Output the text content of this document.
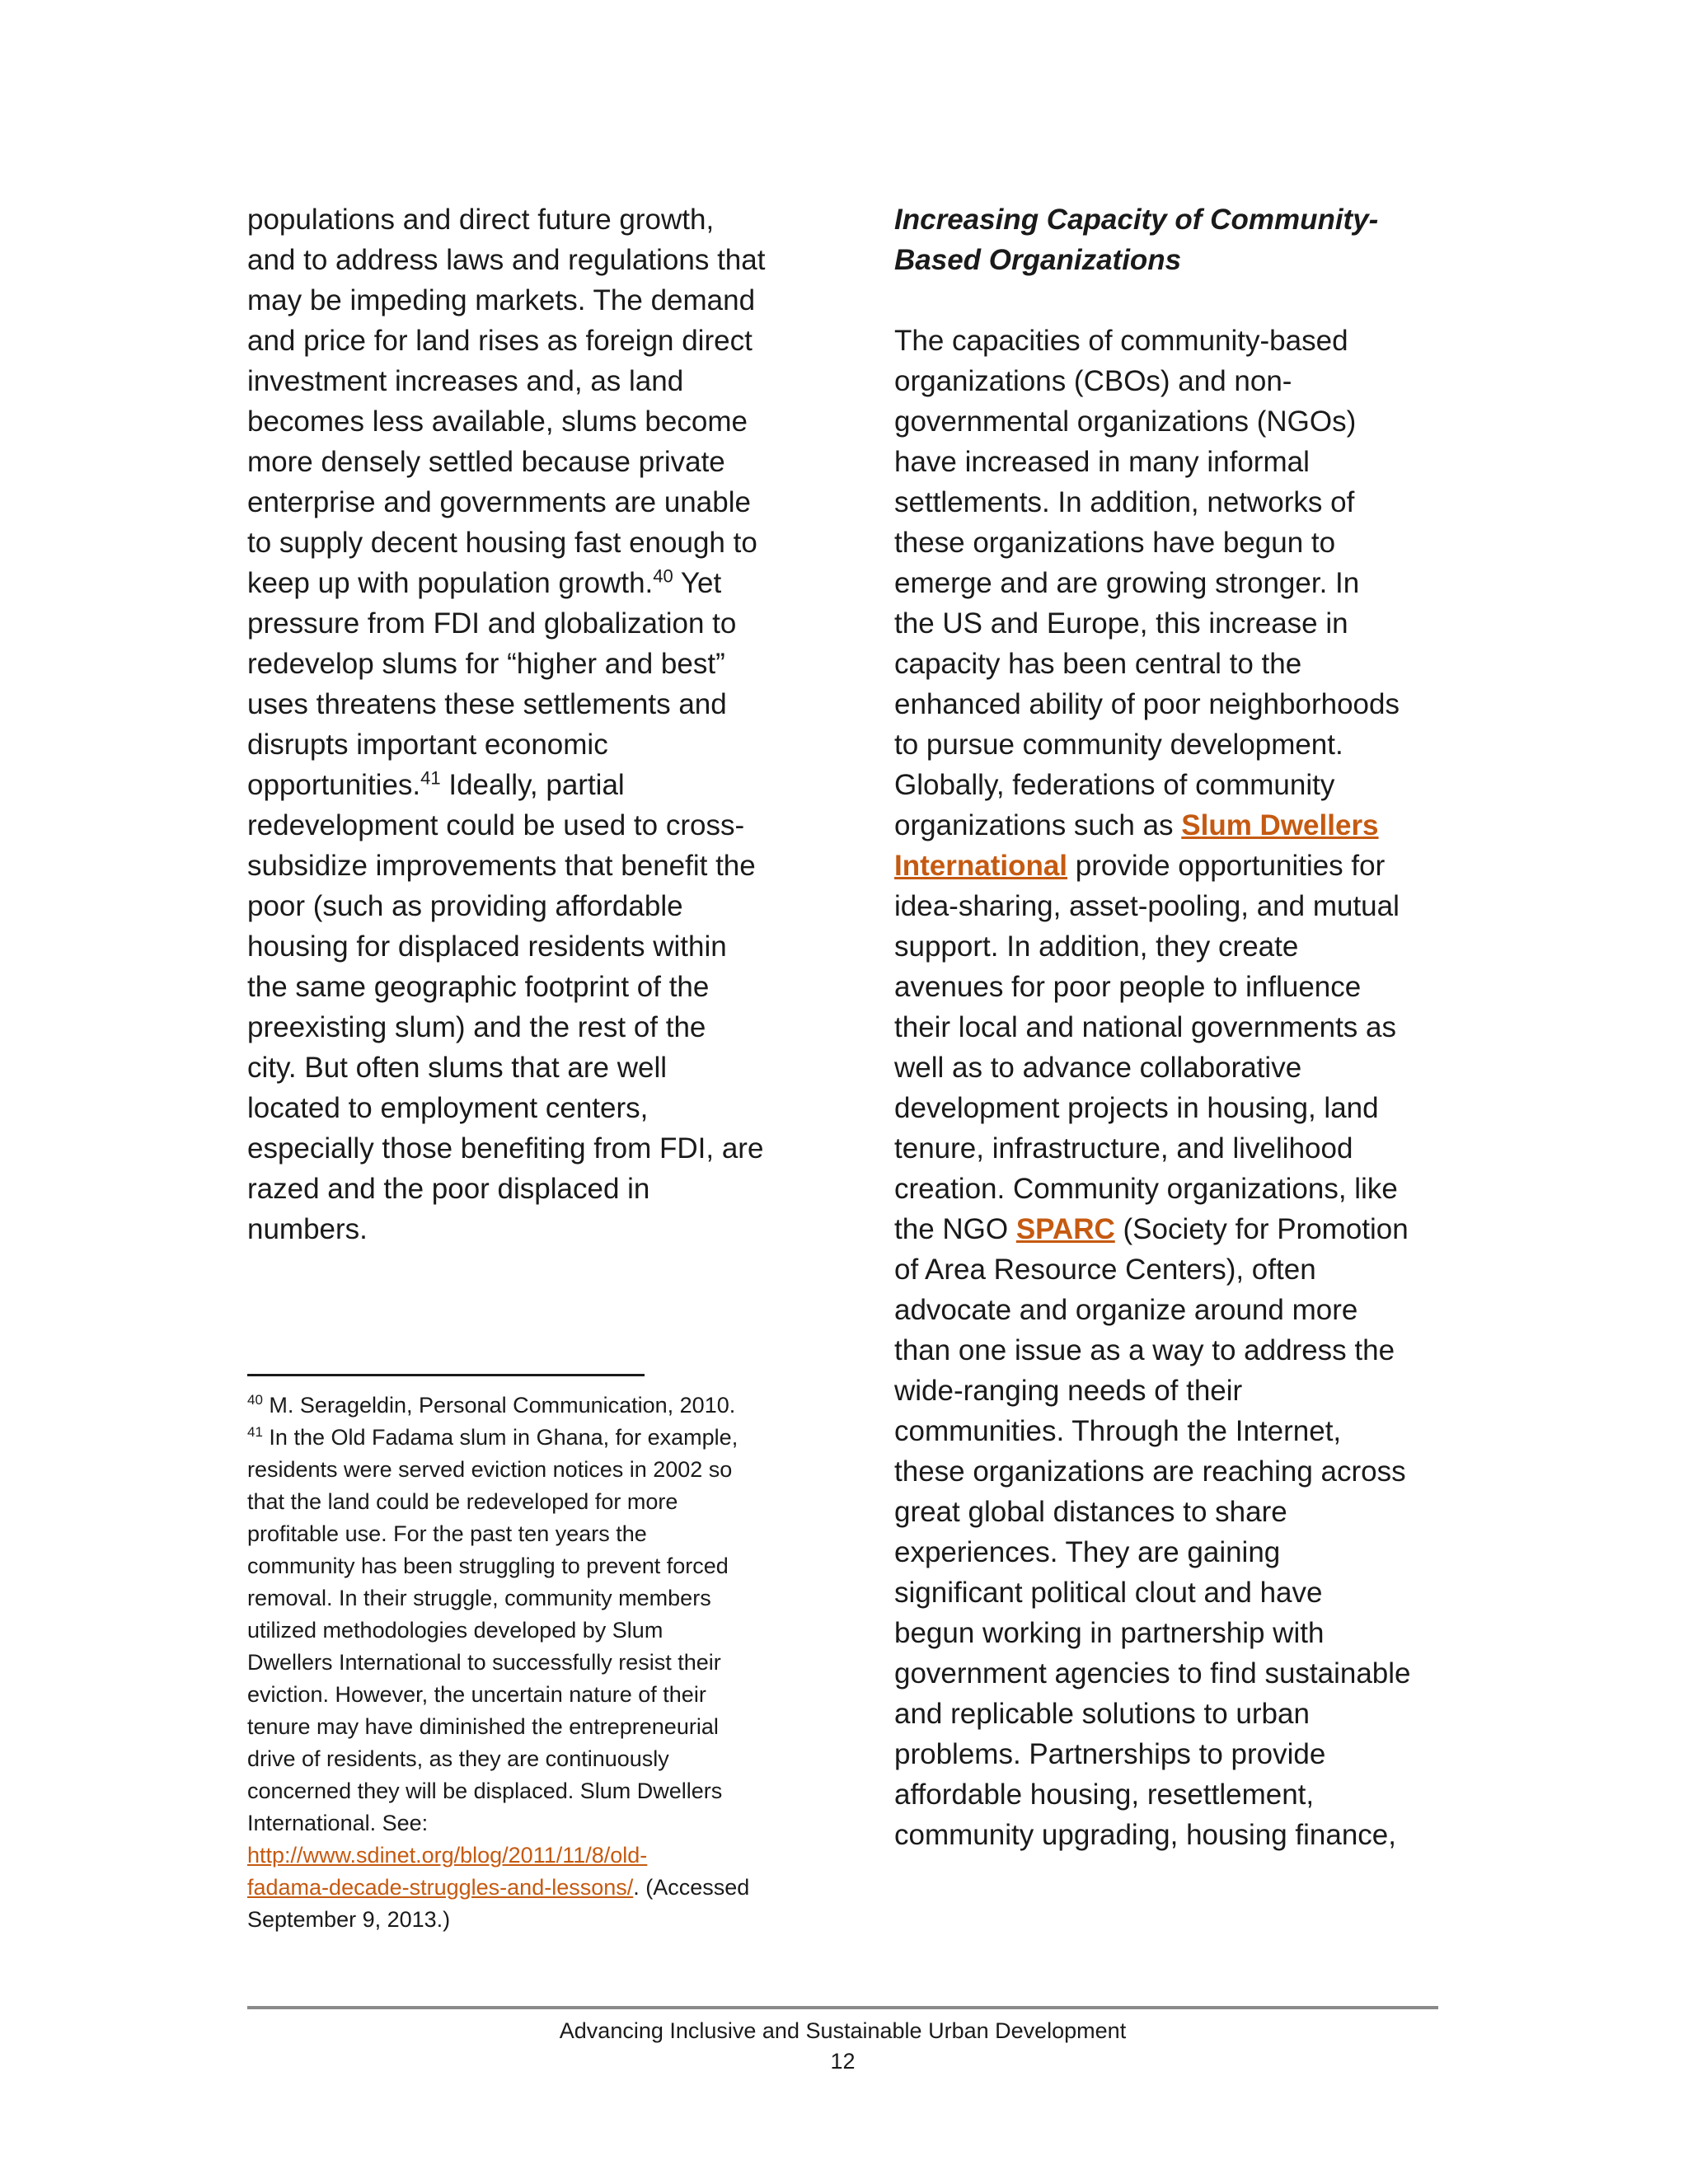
populations and direct future growth,
and to address laws and regulations that
may be impeding markets. The demand
and price for land rises as foreign direct
investment increases and, as land
becomes less available, slums become
more densely settled because private
enterprise and governments are unable
to supply decent housing fast enough to
keep up with population growth.$^{40}$ Yet
pressure from FDI and globalization to
redevelop slums for “higher and best”
uses threatens these settlements and
disrupts important economic
opportunities.$^{41}$ Ideally, partial
redevelopment could be used to cross-
subsidize improvements that benefit the
poor (such as providing affordable
housing for displaced residents within
the same geographic footprint of the
preexisting slum) and the rest of the
city. But often slums that are well
located to employment centers,
especially those benefiting from FDI, are
razed and the poor displaced in
numbers.
Increasing Capacity of Community-
Based Organizations
The capacities of community-based
organizations (CBOs) and non-
governmental organizations (NGOs)
have increased in many informal
settlements. In addition, networks of
these organizations have begun to
emerge and are growing stronger. In
the US and Europe, this increase in
capacity has been central to the
enhanced ability of poor neighborhoods
to pursue community development.
Globally, federations of community
organizations such as Slum Dwellers
International provide opportunities for
idea-sharing, asset-pooling, and mutual
support. In addition, they create
avenues for poor people to influence
their local and national governments as
well as to advance collaborative
development projects in housing, land
tenure, infrastructure, and livelihood
creation. Community organizations, like
the NGO SPARC (Society for Promotion
of Area Resource Centers), often
advocate and organize around more
than one issue as a way to address the
wide-ranging needs of their
communities. Through the Internet,
these organizations are reaching across
great global distances to share
experiences. They are gaining
significant political clout and have
begun working in partnership with
government agencies to find sustainable
and replicable solutions to urban
problems. Partnerships to provide
affordable housing, resettlement,
community upgrading, housing finance,
$^{40}$ M. Serageldin, Personal Communication, 2010.
$^{41}$ In the Old Fadama slum in Ghana, for example,
residents were served eviction notices in 2002 so
that the land could be redeveloped for more
profitable use. For the past ten years the
community has been struggling to prevent forced
removal. In their struggle, community members
utilized methodologies developed by Slum
Dwellers International to successfully resist their
eviction. However, the uncertain nature of their
tenure may have diminished the entrepreneurial
drive of residents, as they are continuously
concerned they will be displaced. Slum Dwellers
International. See:
http://www.sdinet.org/blog/2011/11/8/old-
fadama-decade-struggles-and-lessons/. (Accessed
September 9, 2013.)
Advancing Inclusive and Sustainable Urban Development
12
